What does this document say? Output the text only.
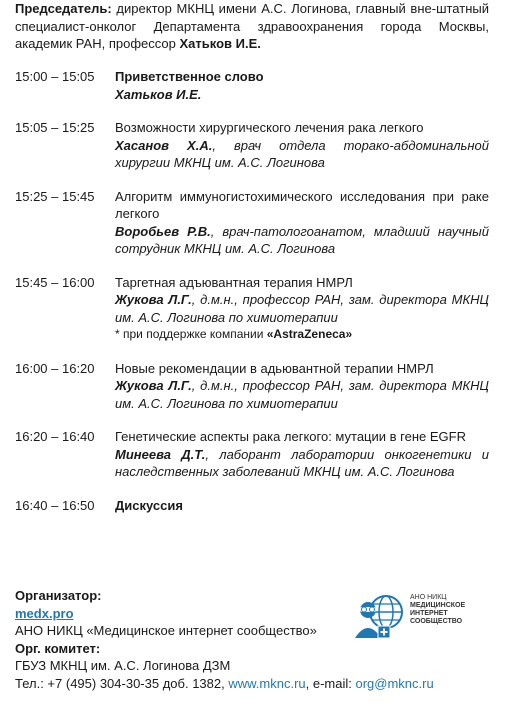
Председатель: директор МКНЦ имени А.С. Логинова, главный вне-штатный специалист-онколог Департамента здравоохранения города Москвы, академик РАН, профессор Хатьков И.Е.
15:00 – 15:05	Приветственное слово
Хатьков И.Е.
15:05 – 15:25	Возможности хирургического лечения рака легкого
Хасанов Х.А., врач отдела торако-абдоминальной хирургии МКНЦ им. А.С. Логинова
15:25 – 15:45	Алгоритм иммуногистохимического исследования при раке легкого
Воробьев Р.В., врач-патологоанатом, младший научный сотрудник МКНЦ им. А.С. Логинова
15:45 – 16:00	Таргетная адъювантная терапия НМРЛ
Жукова Л.Г., д.м.н., профессор РАН, зам. директора МКНЦ им. А.С. Логинова по химиотерапии
* при поддержке компании «AstraZeneca»
16:00 – 16:20	Новые рекомендации в адьювантной терапии НМРЛ
Жукова Л.Г., д.м.н., профессор РАН, зам. директора МКНЦ им. А.С. Логинова по химиотерапии
16:20 – 16:40	Генетические аспекты рака легкого: мутации в гене EGFR
Минеева Д.Т., лаборант лаборатории онкогенетики и наследственных заболеваний МКНЦ им. А.С. Логинова
16:40 – 16:50	Дискуссия
Организатор:
medx.pro
АНО НИКЦ «Медицинское интернет сообщество»
Орг. комитет:
ГБУЗ МКНЦ им. А.С. Логинова ДЗМ
Тел.: +7 (495) 304-30-35 доб. 1382, www.mknc.ru, e-mail: org@mknc.ru
АНО НИКЦ
МЕДИЦИНСКОЕ
ИНТЕРНЕТ
СООБЩЕСТВО
